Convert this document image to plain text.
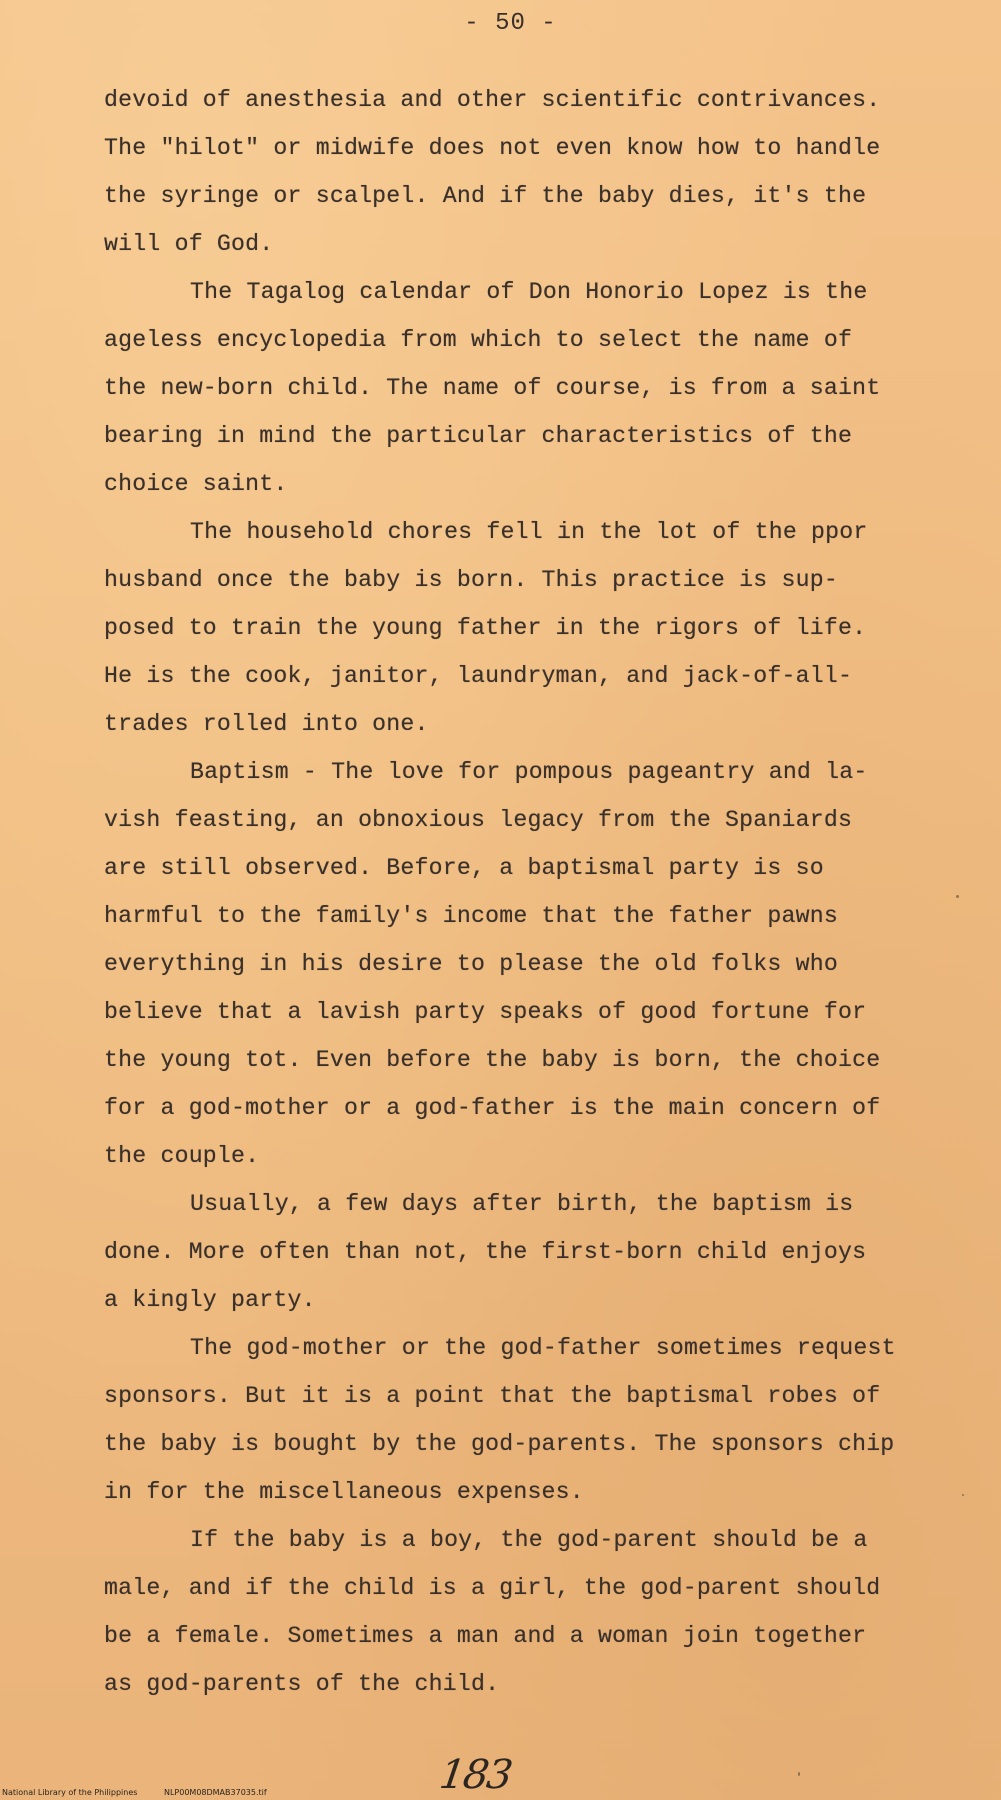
- 50 -
devoid of anesthesia and other scientific contrivances.
The "hilot" or midwife does not even know how to handle
the syringe or scalpel. And if the baby dies, it's the
will of God.
The Tagalog calendar of Don Honorio Lopez is the
ageless encyclopedia from which to select the name of
the new-born child. The name of course, is from a saint
bearing in mind the particular characteristics of the
choice saint.
The household chores fell in the lot of the ppor
husband once the baby is born. This practice is sup-
posed to train the young father in the rigors of life.
He is the cook, janitor, laundryman, and jack-of-all-
trades rolled into one.
Baptism - The love for pompous pageantry and la-
vish feasting, an obnoxious legacy from the Spaniards
are still observed. Before, a baptismal party is so
harmful to the family's income that the father pawns
everything in his desire to please the old folks who
believe that a lavish party speaks of good fortune for
the young tot. Even before the baby is born, the choice
for a god-mother or a god-father is the main concern of
the couple.
Usually, a few days after birth, the baptism is
done. More often than not, the first-born child enjoys
a kingly party.
The god-mother or the god-father sometimes request
sponsors. But it is a point that the baptismal robes of
the baby is bought by the god-parents. The sponsors chip
in for the miscellaneous expenses.
If the baby is a boy, the god-parent should be a
male, and if the child is a girl, the god-parent should
be a female. Sometimes a man and a woman join together
as god-parents of the child.
183
National Library of the Philippines	NLP00M08DMAB37035.tif
